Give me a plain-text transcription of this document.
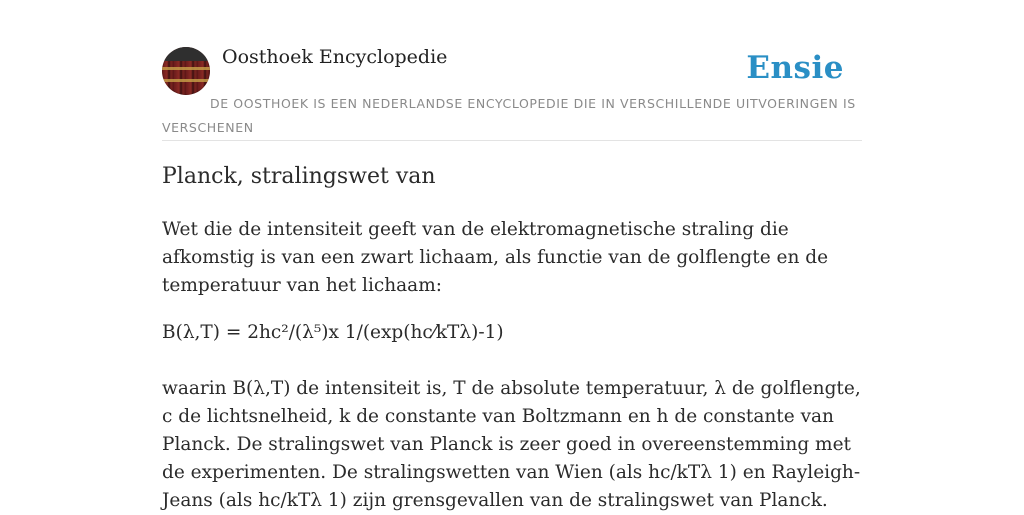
Oosthoek Encyclopedie	Ensie
DE OOSTHOEK IS EEN NEDERLANDSE ENCYCLOPEDIE DIE IN VERSCHILLENDE UITVOERINGEN IS VERSCHENEN
Planck, stralingswet van
Wet die de intensiteit geeft van de elektromagnetische straling die afkomstig is van een zwart lichaam, als functie van de golflengte en de temperatuur van het lichaam:
B(λ,T) = 2hc²/(λ⁵)x 1/(exp(hc⁄kTλ)-1)
waarin B(λ,T) de intensiteit is, T de absolute temperatuur, λ de golflengte, c de lichtsnelheid, k de constante van Boltzmann en h de constante van Planck. De stralingswet van Planck is zeer goed in overeenstemming met de experimenten. De stralingswetten van Wien (als hc/kTλ 1) en Rayleigh-Jeans (als hc/kTλ 1) zijn grensgevallen van de stralingswet van Planck.
